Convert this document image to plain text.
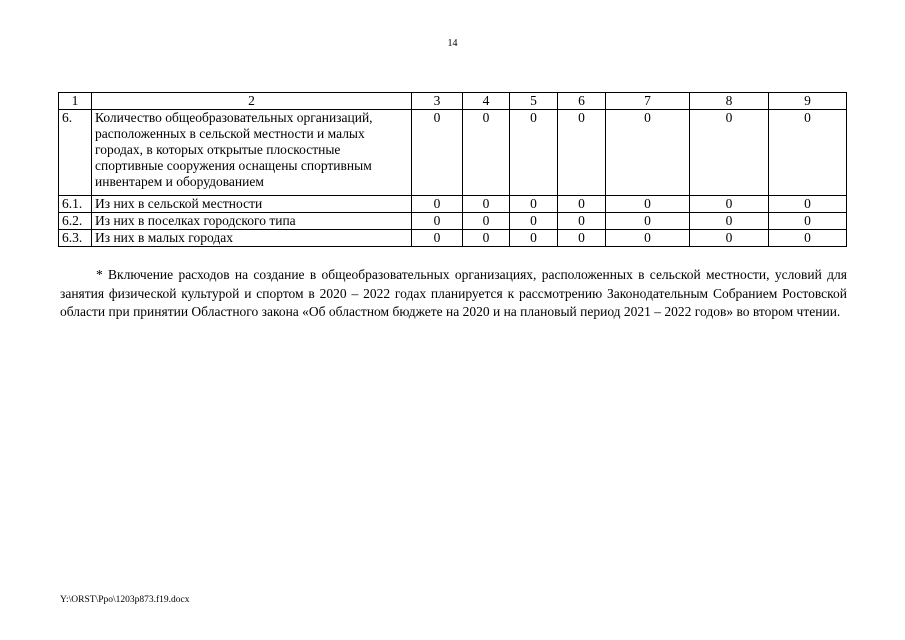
14
1	2	3	4	5	6	7	8	9
6.	Количество общеобразовательных организаций, расположенных в сельской местности и малых городах, в которых открытые плоскостные спортивные сооружения оснащены спортивным инвентарем и оборудованием	0	0	0	0	0	0	0
6.1.	Из них в сельской местности	0	0	0	0	0	0	0
6.2.	Из них в поселках городского типа	0	0	0	0	0	0	0
6.3.	Из них в малых городах	0	0	0	0	0	0	0

* Включение расходов на создание в общеобразовательных организациях, расположенных в сельской местности, условий для занятия физической культурой и спортом в 2020 – 2022 годах планируется к рассмотрению Законодательным Собранием Ростовской области при принятии Областного закона «Об областном бюджете на 2020 и на плановый период 2021 – 2022 годов» во втором чтении.

Y:\ORST\Ppo\1203p873.f19.docx
